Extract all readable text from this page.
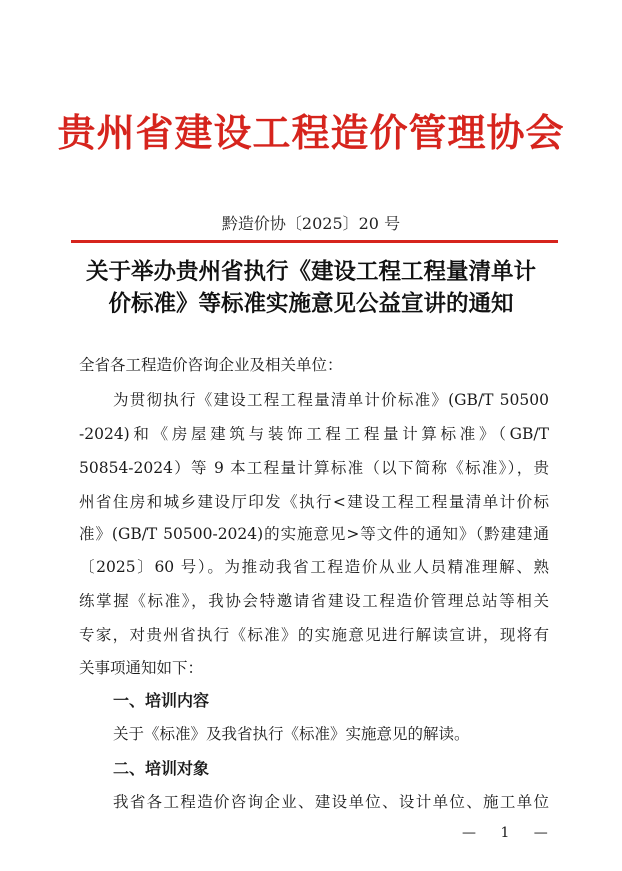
贵州省建设工程造价管理协会
黔造价协〔2025〕20 号
关于举办贵州省执行《建设工程工程量清单计
价标准》等标准实施意见公益宣讲的通知
全省各工程造价咨询企业及相关单位：
为贯彻执行《建设工程工程量清单计价标准》(GB/T 50500
-2024)和《房屋建筑与装饰工程工程量计算标准》（GB/T
50854-2024）等 9 本工程量计算标准（以下简称《标准》），贵
州省住房和城乡建设厅印发《执行<建设工程工程量清单计价标
准》(GB/T 50500-2024)的实施意见>等文件的通知》（黔建建通
〔2025〕60 号）。为推动我省工程造价从业人员精准理解、熟
练掌握《标准》，我协会特邀请省建设工程造价管理总站等相关
专家，对贵州省执行《标准》的实施意见进行解读宣讲，现将有
关事项通知如下：
一、培训内容
关于《标准》及我省执行《标准》实施意见的解读。
二、培训对象
我省各工程造价咨询企业、建设单位、设计单位、施工单位
— 1 —
